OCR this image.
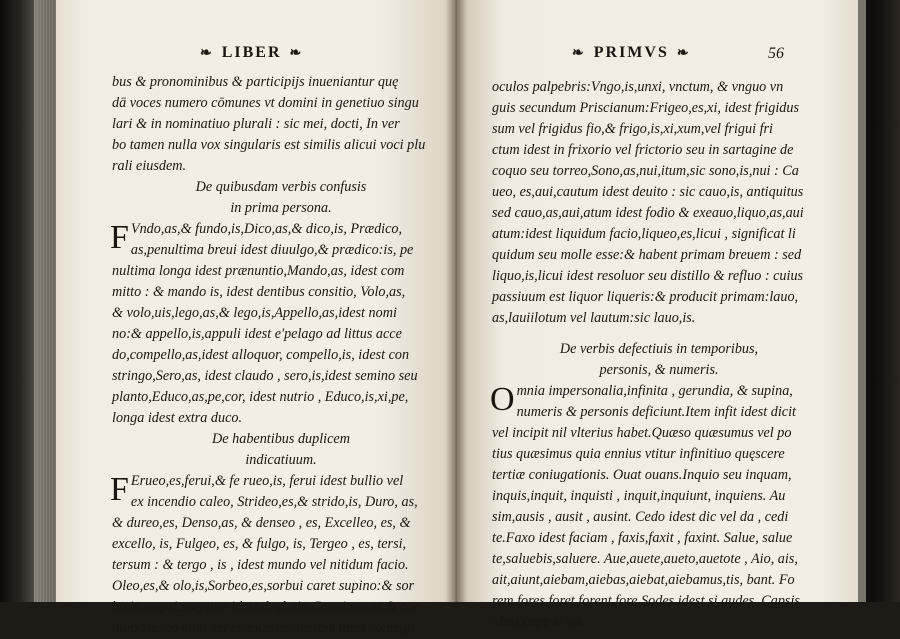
❧ LIBER ❧
bus & pronominibus & participijs inueniantur quę
dā voces numero cōmunes vt domini in genetiuo singu
lari & in nominatiuo plurali : sic mei, docti, In ver
bo tamen nulla vox singularis est similis alicui voci plu
rali eiusdem.
De quibusdam verbis confusis
in prima persona.
F Vndo,as,& fundo,is,Dico,as,& dico,is, Prædico,
as,penultima breui idest diuulgo,& prædico:is, pe
nultima longa idest prænuntio,Mando,as, idest com
mitto : & mando is, idest dentibus consitio, Volo,as,
& volo,uis,lego,as,& lego,is,Appello,as,idest nomi
no:& appello,is,appuli idest e'pelago ad littus acce
do,compello,as,idest alloquor, compello,is, idest con
stringo,Sero,as, idest claudo , sero,is,idest semino seu
planto,Educo,as,pe,cor, idest nutrio , Educo,is,xi,pe,
longa idest extra duco.
De habentibus duplicem
indicatiuum.
F Erueo,es,ferui,& fe rueo,is, ferui idest bullio vel
ex incendio caleo, Strideo,es,& strido,is, Duro, as,
& dureo,es, Denso,as, & denseo , es, Excelleo, es, &
excello, is, Fulgeo, es, & fulgo, is, Tergeo , es, tersi,
tersum : & tergo , is , idest mundo vel nitidum facio.
Oleo,es,& olo,is,Sorbeo,es,sorbui caret supino:& sor
bo,is,sorpsi,sorptum idest deglutio,Conniueo,es,& con
niuo , is, conniui vel connixi connictum idest contego
❧ PRIMVS ❧	56
oculos palpebris:Vngo,is,unxi, vnctum, & vnguo vn
guis secundum Priscianum:Frigeo,es,xi, idest frigidus
sum vel frigidus fio,& frigo,is,xi,xum,vel frigui fri
ctum idest in frixorio vel frictorio seu in sartagine de
coquo seu torreo,Sono,as,nui,itum,sic sono,is,nui : Ca
ueo, es,aui,cautum idest deuito : sic cauo,is, antiquitus
sed cauo,as,aui,atum idest fodio & exeauo,liquo,as,aui
atum:idest liquidum facio,liqueo,es,licui , significat li
quidum seu molle esse:& habent primam breuem : sed
liquo,is,licui idest resoluor seu distillo & refluo : cuius
passiuum est liquor liqueris:& producit primam:lauo,
as,lauiilotum vel lautum:sic lauo,is.
De verbis defectiuis in temporibus,
personis, & numeris.
O mnia impersonalia,infinita , gerundia, & supina,
numeris & personis deficiunt.Item infit idest dicit
vel incipit nil vlterius habet.Quæso quæsumus vel po
tius quæsimus quia ennius vtitur infinitiuo quęscere
tertiæ coniugationis. Ouat ouans.Inquio seu inquam,
inquis,inquit, inquisti , inquit,inquiunt, inquiens. Au
sim,ausis , ausit , ausint. Cedo idest dic vel da , cedi
te.Faxo idest faciam , faxis,faxit , faxint. Salue, salue
te,saluebis,saluere. Aue,auete,aueto,auetote , Aio, ais,
ait,aiunt,aiebam,aiebas,aiebat,aiebamus,tis, bant. Fo
rem,fores,foret,forent,fore.Sodes idest si audes. Capsis
idest cape si vis.
